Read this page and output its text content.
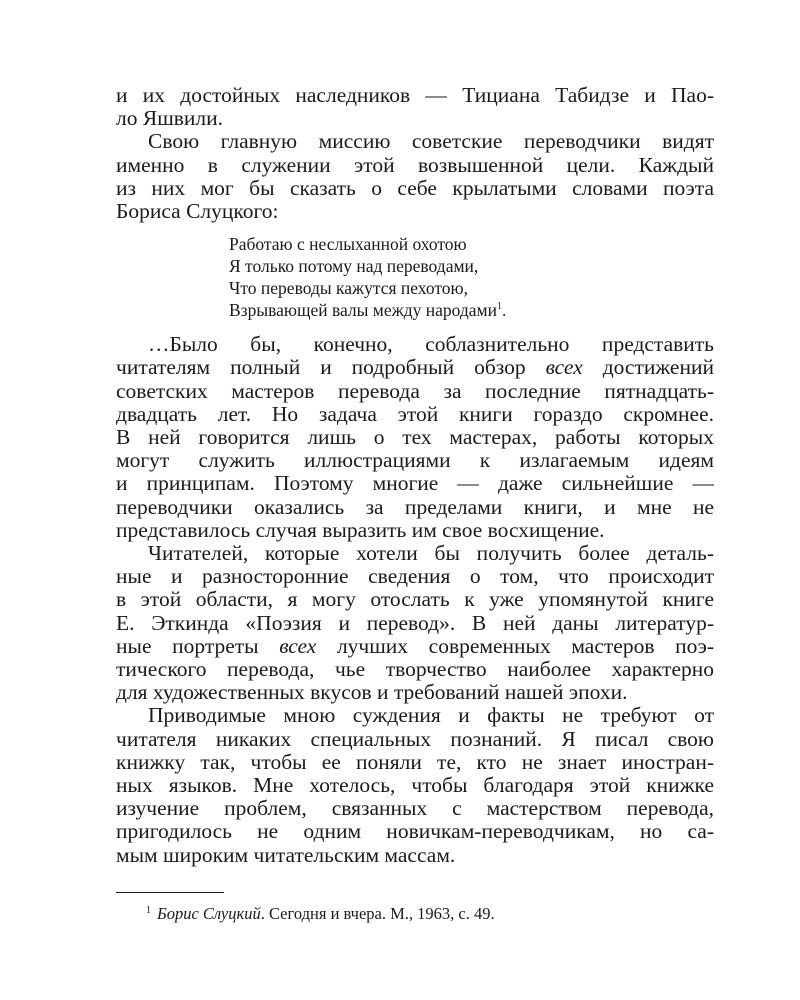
и их достойных наследников — Тициана Табидзе и Пао-
ло Яшвили.
Свою главную миссию советские переводчики видят
именно в служении этой возвышенной цели. Каждый
из них мог бы сказать о себе крылатыми словами поэта
Бориса Слуцкого:
Работаю с неслыханной охотою
Я только потому над переводами,
Что переводы кажутся пехотою,
Взрывающей валы между народами$^1$.
…Было бы, конечно, соблазнительно представить
читателям полный и подробный обзор всех достижений
советских мастеров перевода за последние пятнадцать-
двадцать лет. Но задача этой книги гораздо скромнее.
В ней говорится лишь о тех мастерах, работы которых
могут служить иллюстрациями к излагаемым идеям
и принципам. Поэтому многие — даже сильнейшие —
переводчики оказались за пределами книги, и мне не
представилось случая выразить им свое восхищение.
Читателей, которые хотели бы получить более деталь-
ные и разносторонние сведения о том, что происходит
в этой области, я могу отослать к уже упомянутой книге
Е. Эткинда «Поэзия и перевод». В ней даны литератур-
ные портреты всех лучших современных мастеров поэ-
тического перевода, чье творчество наиболее характерно
для художественных вкусов и требований нашей эпохи.
Приводимые мною суждения и факты не требуют от
читателя никаких специальных познаний. Я писал свою
книжку так, чтобы ее поняли те, кто не знает иностран-
ных языков. Мне хотелось, чтобы благодаря этой книжке
изучение проблем, связанных с мастерством перевода,
пригодилось не одним новичкам-переводчикам, но са-
мым широким читательским массам.
$^1$ Борис Слуцкий. Сегодня и вчера. М., 1963, с. 49.
